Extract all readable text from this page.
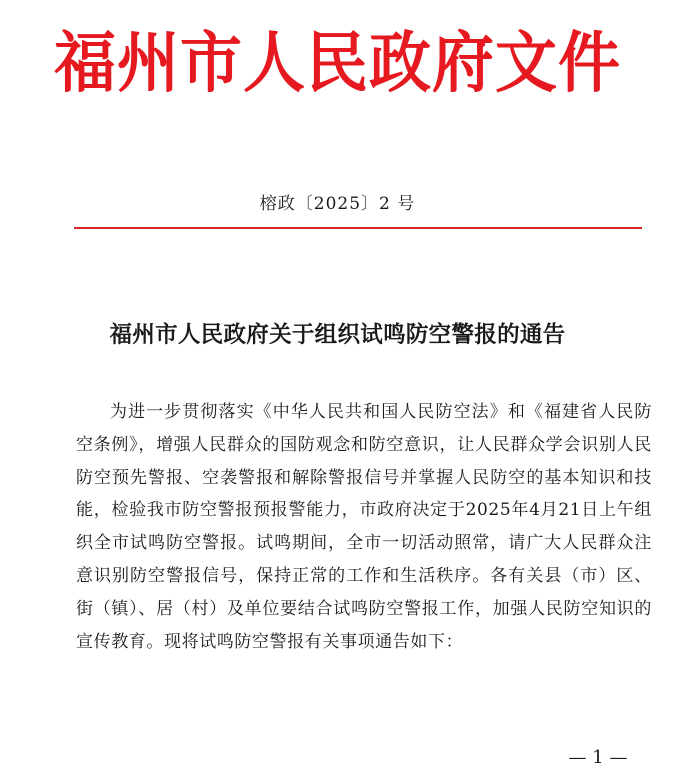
福州市人民政府文件
榕政〔2025〕2 号
福州市人民政府关于组织试鸣防空警报的通告

为进一步贯彻落实《中华人民共和国人民防空法》和《福建省人民防空条例》，增强人民群众的国防观念和防空意识，让人民群众学会识别人民防空预先警报、空袭警报和解除警报信号并掌握人民防空的基本知识和技能，检验我市防空警报预报警能力，市政府决定于2025年4月21日上午组织全市试鸣防空警报。试鸣期间，全市一切活动照常，请广大人民群众注意识别防空警报信号，保持正常的工作和生活秩序。各有关县（市）区、街（镇）、居（村）及单位要结合试鸣防空警报工作，加强人民防空知识的宣传教育。现将试鸣防空警报有关事项通告如下：

— 1 —
